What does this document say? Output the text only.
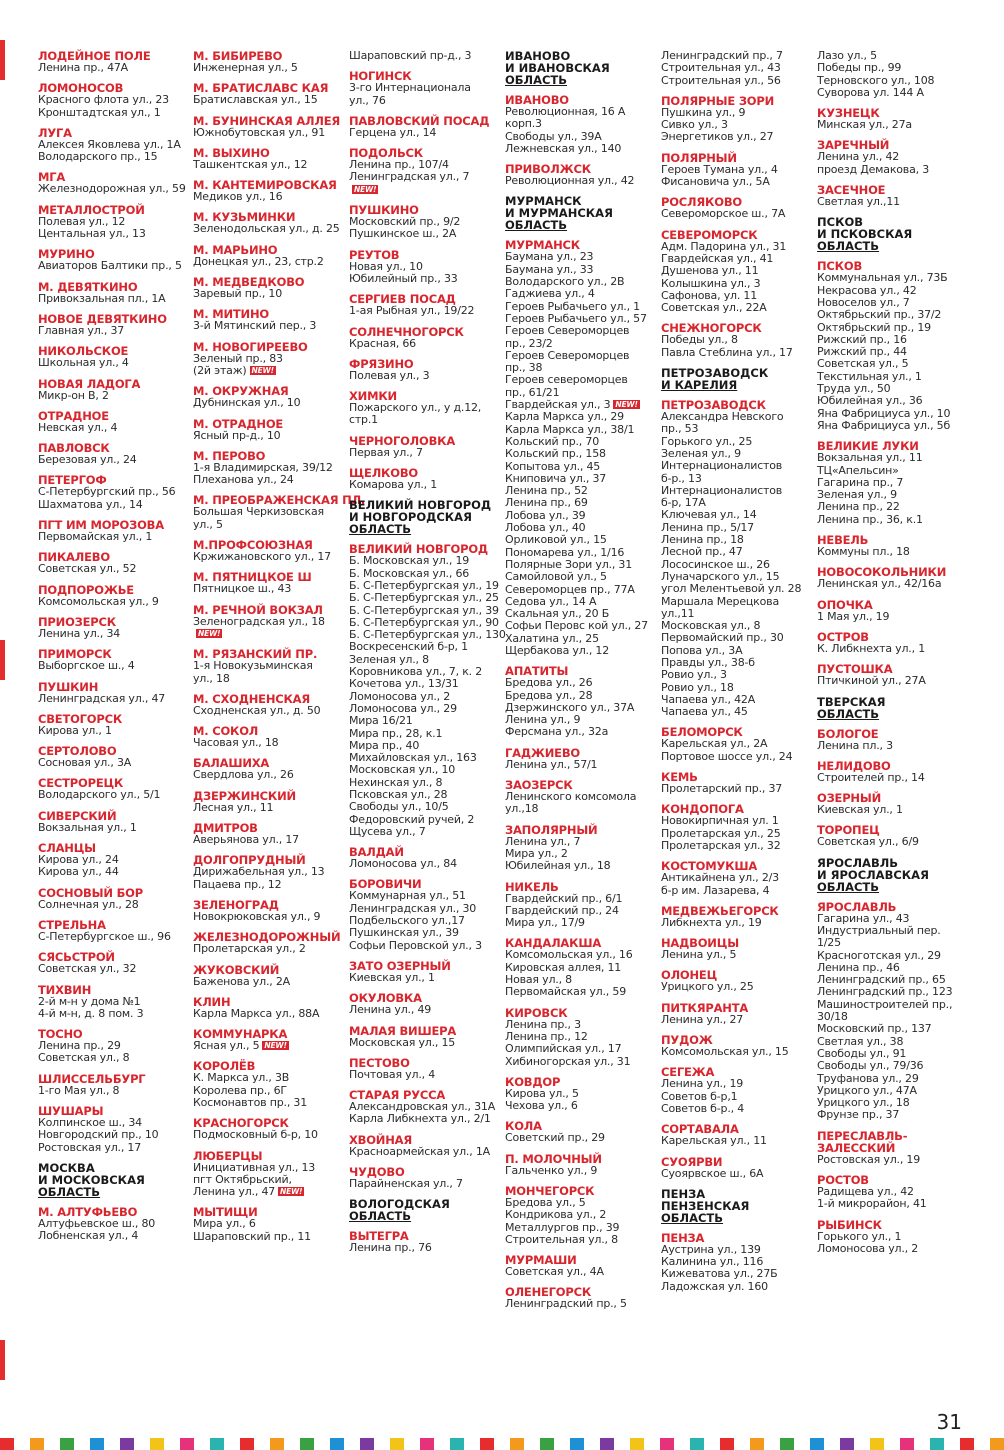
ЛОДЕЙНОЕ ПОЛЕ
Ленина пр., 47А
ЛОМОНОСОВ
Красного флота ул., 23
Кронштадтская ул., 1
ЛУГА
Алексея Яковлева ул., 1А
Володарского пр., 15
МГА
Железнодорожная ул., 59
МЕТАЛЛОСТРОЙ
Полевая ул., 12
Центальная ул., 13
МУРИНО
Авиаторов Балтики пр., 5
М. ДЕВЯТКИНО
Привокзальная пл., 1А
НОВОЕ ДЕВЯТКИНО
Главная ул., 37
НИКОЛЬСКОЕ
Школьная ул., 4
НОВАЯ ЛАДОГА
Микр-он В, 2
ОТРАДНОЕ
Невская ул., 4
ПАВЛОВСК
Березовая ул., 24
ПЕТЕРГОФ
С-Петербургский пр., 56
Шахматова ул., 14
ПГТ ИМ МОРОЗОВА
Первомайская ул., 1
ПИКАЛЕВО
Советская ул., 52
ПОДПОРОЖЬЕ
Комсомольская ул., 9
ПРИОЗЕРСК
Ленина ул., 34
ПРИМОРСК
Выборгское ш., 4
ПУШКИН
Ленинградская ул., 47
СВЕТОГОРСК
Кирова ул., 1
СЕРТОЛОВО
Сосновая ул., 3А
СЕСТРОРЕЦК
Володарского ул., 5/1
СИВЕРСКИЙ
Вокзальная ул., 1
СЛАНЦЫ
Кирова ул., 24
Кирова ул., 44
СОСНОВЫЙ БОР
Солнечная ул., 28
СТРЕЛЬНА
С-Петербургское ш., 96
СЯСЬСТРОЙ
Советская ул., 32
ТИХВИН
2-й м-н у дома №1
4-й м-н, д. 8 пом. 3
ТОСНО
Ленина пр., 29
Советская ул., 8
ШЛИССЕЛЬБУРГ
1-го Мая ул., 8
ШУШАРЫ
Колпинское ш., 34
Новгородский пр., 10
Ростовская ул., 17
МОСКВА
И МОСКОВСКАЯ
ОБЛАСТЬ
М. АЛТУФЬЕВО
Алтуфьевское ш., 80
Лобненская ул., 4
М. БИБИРЕВО
Инженерная ул., 5
М. БРАТИСЛАВС КАЯ
Братиславская ул., 15
М. БУНИНСКАЯ АЛЛЕЯ
Южнобутовская ул., 91
М. ВЫХИНО
Ташкентская ул., 12
М. КАНТЕМИРОВСКАЯ
Медиков ул., 16
М. КУЗЬМИНКИ
Зеленодольская ул., д. 25
М. МАРЬИНО
Донецкая ул., 23, стр.2
М. МЕДВЕДКОВО
Заревый пр., 10
М. МИТИНО
3-й Мятинский пер., 3
М. НОВОГИРЕЕВО
Зеленый пр., 83
(2й этаж) NEW!
М. ОКРУЖНАЯ
Дубнинская ул., 10
М. ОТРАДНОЕ
Ясный пр-д., 10
М. ПЕРОВО
1-я Владимирская, 39/12
Плеханова ул., 24
М. ПРЕОБРАЖЕНСКАЯ ПЛ.
Большая Черкизовская
ул., 5
М.ПРОФСОЮЗНАЯ
Кржижановского ул., 17
М. ПЯТНИЦКОЕ Ш
Пятницкое ш., 43
М. РЕЧНОЙ ВОКЗАЛ
Зеленоградская ул., 18
NEW!
М. РЯЗАНСКИЙ ПР.
1-я Новокузьминская
ул., 18
М. СХОДНЕНСКАЯ
Сходненская ул., д. 50
М. СОКОЛ
Часовая ул., 18
БАЛАШИХА
Свердлова ул., 26
ДЗЕРЖИНСКИЙ
Лесная ул., 11
ДМИТРОВ
Аверьянова ул., 17
ДОЛГОПРУДНЫЙ
Дирижабельная ул., 13
Пацаева пр., 12
ЗЕЛЕНОГРАД
Новокрюковская ул., 9
ЖЕЛЕЗНОДОРОЖНЫЙ
Пролетарская ул., 2
ЖУКОВСКИЙ
Баженова ул., 2А
КЛИН
Карла Маркса ул., 88А
КОММУНАРКА
Ясная ул., 5 NEW!
КОРОЛЁВ
К. Маркса ул., 3В
Королева пр., 6Г
Космонавтов пр., 31
КРАСНОГОРСК
Подмосковный б-р, 10
ЛЮБЕРЦЫ
Инициативная ул., 13
пгт Октябрьский,
Ленина ул., 47 NEW!
МЫТИЩИ
Мира ул., 6
Шараповский пр., 11
Шараповский пр-д., 3
НОГИНСК
3-го Интернационала
ул., 76
ПАВЛОВСКИЙ ПОСАД
Герцена ул., 14
ПОДОЛЬСК
Ленина пр., 107/4
Ленинградская ул., 7
NEW!
ПУШКИНО
Московский пр., 9/2
Пушкинское ш., 2А
РЕУТОВ
Новая ул., 10
Юбилейный пр., 33
СЕРГИЕВ ПОСАД
1-ая Рыбная ул., 19/22
СОЛНЕЧНОГОРСК
Красная, 66
ФРЯЗИНО
Полевая ул., 3
ХИМКИ
Пожарского ул., у д.12,
стр.1
ЧЕРНОГОЛОВКА
Первая ул., 7
ЩЕЛКОВО
Комарова ул., 1
ВЕЛИКИЙ НОВГОРОД
И НОВГОРОДСКАЯ
ОБЛАСТЬ
ВЕЛИКИЙ НОВГОРОД
Б. Московская ул., 19
Б. Московская ул., 66
Б. С-Петербургская ул., 19
Б. С-Петербургская ул., 25
Б. С-Петербургская ул., 39
Б. С-Петербургская ул., 90
Б. С-Петербургская ул., 130
Воскресенский б-р, 1
Зеленая ул., 8
Коровникова ул., 7, к. 2
Кочетова ул., 13/31
Ломоносова ул., 2
Ломоносова ул., 29
Мира 16/21
Мира пр., 28, к.1
Мира пр., 40
Михайловская ул., 163
Московская ул., 10
Нехинская ул., 8
Псковская ул., 28
Свободы ул., 10/5
Федоровский ручей, 2
Щусева ул., 7
ВАЛДАЙ
Ломоносова ул., 84
БОРОВИЧИ
Коммунарная ул., 51
Ленинградская ул., 30
Подбельского ул.,17
Пушкинская ул., 39
Софьи Перовской ул., 3
ЗАТО ОЗЕРНЫЙ
Киевская ул., 1
ОКУЛОВКА
Ленина ул., 49
МАЛАЯ ВИШЕРА
Московская ул., 15
ПЕСТОВО
Почтовая ул., 4
СТАРАЯ РУССА
Александровская ул., 31А
Карла Либкнехта ул., 2/1
ХВОЙНАЯ
Красноармейская ул., 1А
ЧУДОВО
Парайненская ул., 7
ВОЛОГОДСКАЯ
ОБЛАСТЬ
ВЫТЕГРА
Ленина пр., 76
ИВАНОВО
И ИВАНОВСКАЯ
ОБЛАСТЬ
ИВАНОВО
Революционная, 16 А
корп.3
Свободы ул., 39А
Лежневская ул., 140
ПРИВОЛЖСК
Революционная ул., 42
МУРМАНСК
И МУРМАНСКАЯ
ОБЛАСТЬ
МУРМАНСК
Баумана ул., 23
Баумана ул., 33
Володарского ул., 2В
Гаджиева ул., 4
Героев Рыбачьего ул., 1
Героев Рыбачьего ул., 57
Героев Североморцев
пр., 23/2
Героев Североморцев
пр., 38
Героев североморцев
пр., 61/21
Гвардейская ул., 3 NEW!
Карла Маркса ул., 29
Карла Маркса ул., 38/1
Кольский пр., 70
Кольский пр., 158
Копытова ул., 45
Книповича ул., 37
Ленина пр., 52
Ленина пр., 69
Лобова ул., 39
Лобова ул., 40
Орликовой ул., 15
Пономарева ул., 1/16
Полярные Зори ул., 31
Самойловой ул., 5
Североморцев пр., 77А
Седова ул., 14 А
Скальная ул., 20 Б
Софьи Перовс кой ул., 27
Халатина ул., 25
Щербакова ул., 12
АПАТИТЫ
Бредова ул., 26
Бредова ул., 28
Дзержинского ул., 37А
Ленина ул., 9
Ферсмана ул., 32а
ГАДЖИЕВО
Ленина ул., 57/1
ЗАОЗЕРСК
Ленинского комсомола
ул.,18
ЗАПОЛЯРНЫЙ
Ленина ул., 7
Мира ул., 2
Юбилейная ул., 18
НИКЕЛЬ
Гвардейский пр., 6/1
Гвардейский пр., 24
Мира ул., 17/9
КАНДАЛАКША
Комсомольская ул., 16
Кировская аллея, 11
Новая ул., 8
Первомайская ул., 59
КИРОВСК
Ленина пр., 3
Ленина пр., 12
Олимпийская ул., 17
Хибиногорская ул., 31
КОВДОР
Кирова ул., 5
Чехова ул., 6
КОЛА
Советский пр., 29
П. МОЛОЧНЫЙ
Гальченко ул., 9
МОНЧЕГОРСК
Бредова ул., 5
Кондрикова ул., 2
Металлургов пр., 39
Строительная ул., 8
МУРМАШИ
Советская ул., 4А
ОЛЕНЕГОРСК
Ленинградский пр., 5
Ленинградский пр., 7
Строительная ул., 43
Строительная ул., 56
ПОЛЯРНЫЕ ЗОРИ
Пушкина ул., 9
Сивко ул., 3
Энергетиков ул., 27
ПОЛЯРНЫЙ
Героев Тумана ул., 4
Фисановича ул., 5А
РОСЛЯКОВО
Североморское ш., 7А
СЕВЕРОМОРСК
Адм. Падорина ул., 31
Гвардейская ул., 41
Душенова ул., 11
Колышкина ул., 3
Сафонова, ул. 11
Советская ул., 22А
СНЕЖНОГОРСК
Победы ул., 8
Павла Стеблина ул., 17
ПЕТРОЗАВОДСК
И КАРЕЛИЯ
ПЕТРОЗАВОДСК
Александра Невского
пр., 53
Горького ул., 25
Зеленая ул., 9
Интернационалистов
б-р., 13
Интернационалистов
б-р, 17А
Ключевая ул., 14
Ленина пр., 5/17
Ленина пр., 18
Лесной пр., 47
Лососинское ш., 26
Луначарского ул., 15
угол Мелентьевой ул. 28
Маршала Мерецкова
ул.,11
Московская ул., 8
Первомайский пр., 30
Попова ул., 3А
Правды ул., 38-б
Ровио ул., 3
Ровио ул., 18
Чапаева ул., 42А
Чапаева ул., 45
БЕЛОМОРСК
Карельская ул., 2А
Портовое шоссе ул., 24
КЕМЬ
Пролетарский пр., 37
КОНДОПОГА
Новокирпичная ул. 1
Пролетарская ул., 25
Пролетарская ул., 32
КОСТОМУКША
Антикайнена ул., 2/3
б-р им. Лазарева, 4
МЕДВЕЖЬЕГОРСК
Либкнехта ул., 19
НАДВОИЦЫ
Ленина ул., 5
ОЛОНЕЦ
Урицкого ул., 25
ПИТКЯРАНТА
Ленина ул., 27
ПУДОЖ
Комсомольская ул., 15
СЕГЕЖА
Ленина ул., 19
Советов б-р,1
Советов б-р., 4
СОРТАВАЛА
Карельская ул., 11
СУОЯРВИ
Суоярвское ш., 6А
ПЕНЗА
ПЕНЗЕНСКАЯ
ОБЛАСТЬ
ПЕНЗА
Аустрина ул., 139
Калинина ул., 116
Кижеватова ул., 27Б
Ладожская ул. 160
Лазо ул., 5
Победы пр., 99
Терновского ул., 108
Суворова ул. 144 А
КУЗНЕЦК
Минская ул., 27а
ЗАРЕЧНЫЙ
Ленина ул., 42
проезд Демакова, 3
ЗАСЕЧНОЕ
Светлая ул.,11
ПСКОВ
И ПСКОВСКАЯ
ОБЛАСТЬ
ПСКОВ
Коммунальная ул., 73Б
Некрасова ул., 42
Новоселов ул., 7
Октябрьский пр., 37/2
Октябрьский пр., 19
Рижский пр., 16
Рижский пр., 44
Советская ул., 5
Текстильная ул., 1
Труда ул., 50
Юбилейная ул., 36
Яна Фабрициуса ул., 10
Яна Фабрициуса ул., 5б
ВЕЛИКИЕ ЛУКИ
Вокзальная ул., 11
ТЦ«Апельсин»
Гагарина пр., 7
Зеленая ул., 9
Ленина пр., 22
Ленина пр., 36, к.1
НЕВЕЛЬ
Коммуны пл., 18
НОВОСОКОЛЬНИКИ
Ленинская ул., 42/16а
ОПОЧКА
1 Мая ул., 19
ОСТРОВ
К. Либкнехта ул., 1
ПУСТОШКА
Птичкиной ул., 27А
ТВЕРСКАЯ
ОБЛАСТЬ
БОЛОГОЕ
Ленина пл., 3
НЕЛИДОВО
Строителей пр., 14
ОЗЕРНЫЙ
Киевская ул., 1
ТОРОПЕЦ
Советская ул., 6/9
ЯРОСЛАВЛЬ
И ЯРОСЛАВСКАЯ
ОБЛАСТЬ
ЯРОСЛАВЛЬ
Гагарина ул., 43
Индустриальный пер.
1/25
Красноготская ул., 29
Ленина пр., 46
Ленинградский пр., 65
Ленинградский пр., 123
Машиностроителей пр.,
30/18
Московский пр., 137
Светлая ул., 38
Свободы ул., 91
Свободы ул., 79/36
Труфанова ул., 29
Урицкого ул., 47А
Урицкого ул., 18
Фрунзе пр., 37
ПЕРЕСЛАВЛЬ-
ЗАЛЕССКИЙ
Ростовская ул., 19
РОСТОВ
Радищева ул., 42
1-й микрорайон, 41
РЫБИНСК
Горького ул., 1
Ломоносова ул., 2
31
